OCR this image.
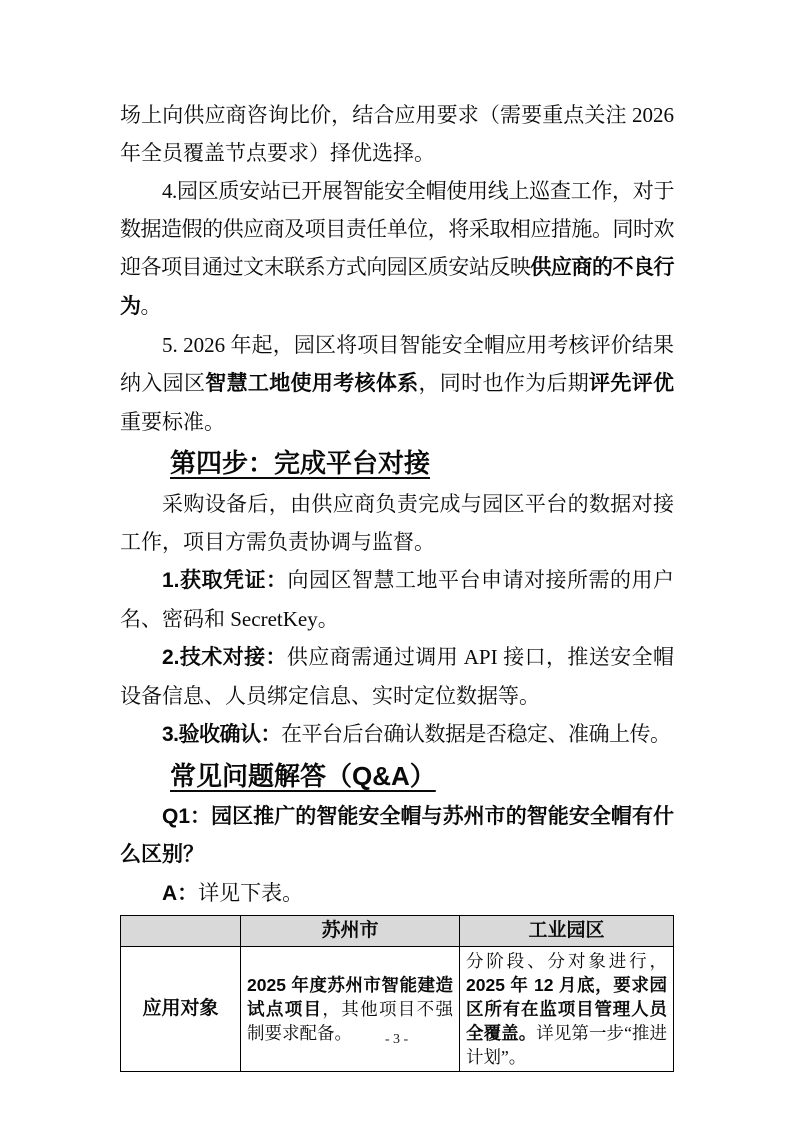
场上向供应商咨询比价，结合应用要求（需要重点关注 2026 年全员覆盖节点要求）择优选择。

4.园区质安站已开展智能安全帽使用线上巡查工作，对于数据造假的供应商及项目责任单位，将采取相应措施。同时欢迎各项目通过文末联系方式向园区质安站反映供应商的不良行为。

5. 2026 年起，园区将项目智能安全帽应用考核评价结果纳入园区智慧工地使用考核体系，同时也作为后期评先评优重要标准。

第四步：完成平台对接

采购设备后，由供应商负责完成与园区平台的数据对接工作，项目方需负责协调与监督。

1.获取凭证：向园区智慧工地平台申请对接所需的用户名、密码和 SecretKey。

2.技术对接：供应商需通过调用 API 接口，推送安全帽设备信息、人员绑定信息、实时定位数据等。

3.验收确认：在平台后台确认数据是否稳定、准确上传。

常见问题解答（Q&A）

Q1：园区推广的智能安全帽与苏州市的智能安全帽有什么区别？

A：详见下表。

	苏州市	工业园区
应用对象	2025 年度苏州市智能建造试点项目，其他项目不强制要求配备。	分阶段、分对象进行，2025 年 12 月底，要求园区所有在监项目管理人员全覆盖。详见第一步“推进计划”。
- 3 -
